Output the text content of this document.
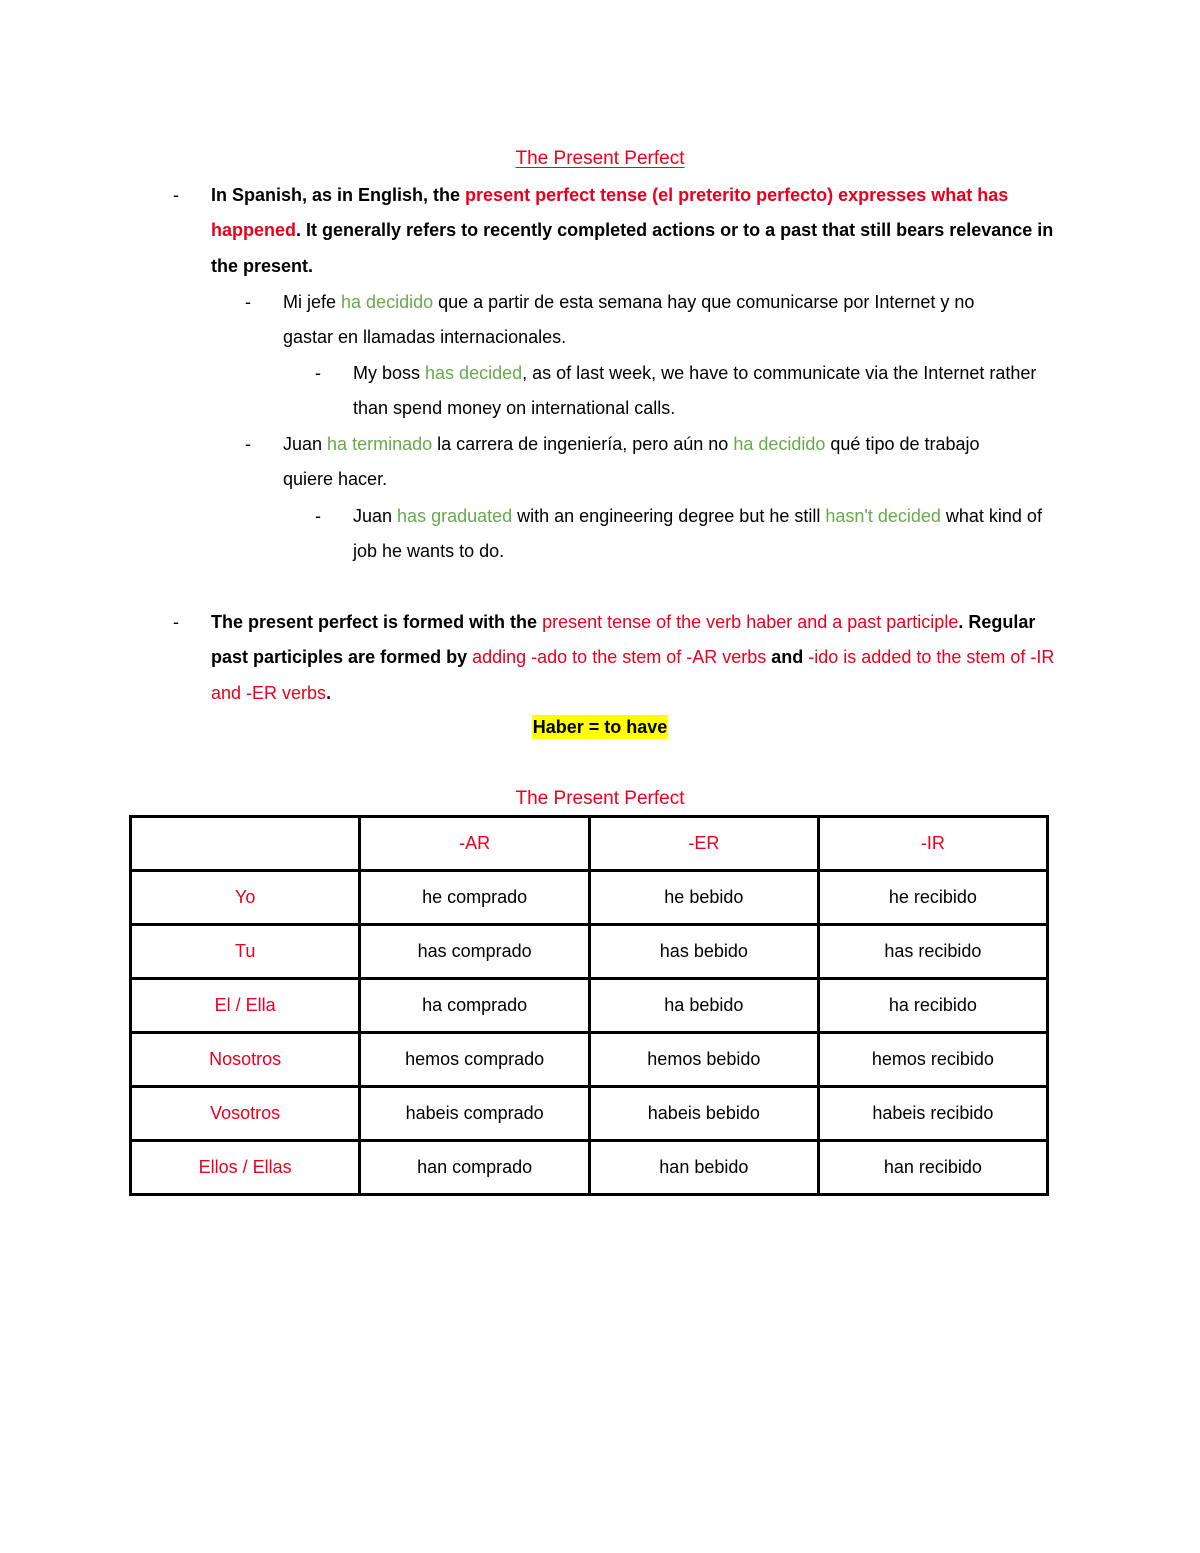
The Present Perfect
- In Spanish, as in English, the present perfect tense (el preterito perfecto) expresses what has happened. It generally refers to recently completed actions or to a past that still bears relevance in the present.
- Mi jefe ha decidido que a partir de esta semana hay que comunicarse por Internet y no gastar en llamadas internacionales.
- My boss has decided, as of last week, we have to communicate via the Internet rather than spend money on international calls.
- Juan ha terminado la carrera de ingeniería, pero aún no ha decidido qué tipo de trabajo quiere hacer.
- Juan has graduated with an engineering degree but he still hasn't decided what kind of job he wants to do.
- The present perfect is formed with the present tense of the verb haber and a past participle. Regular past participles are formed by adding -ado to the stem of -AR verbs and -ido is added to the stem of -IR and -ER verbs.
Haber = to have
The Present Perfect
	-AR	-ER	-IR
Yo	he comprado	he bebido	he recibido
Tu	has comprado	has bebido	has recibido
El / Ella	ha comprado	ha bebido	ha recibido
Nosotros	hemos comprado	hemos bebido	hemos recibido
Vosotros	habeis comprado	habeis bebido	habeis recibido
Ellos / Ellas	han comprado	han bebido	han recibido
